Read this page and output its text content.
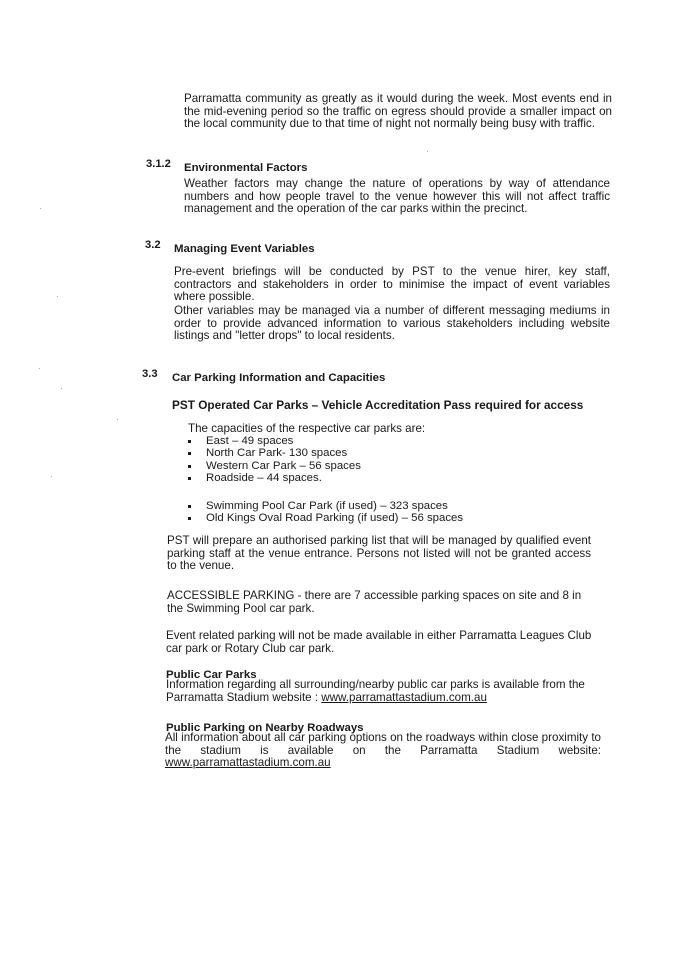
Parramatta community as greatly as it would during the week. Most events end in the mid-evening period so the traffic on egress should provide a smaller impact on the local community due to that time of night not normally being busy with traffic.

3.1.2 Environmental Factors

Weather factors may change the nature of operations by way of attendance numbers and how people travel to the venue however this will not affect traffic management and the operation of the car parks within the precinct.

3.2 Managing Event Variables

Pre-event briefings will be conducted by PST to the venue hirer, key staff, contractors and stakeholders in order to minimise the impact of event variables where possible.

Other variables may be managed via a number of different messaging mediums in order to provide advanced information to various stakeholders including website listings and "letter drops" to local residents.

3.3 Car Parking Information and Capacities
PST Operated Car Parks – Vehicle Accreditation Pass required for access

The capacities of the respective car parks are:

East – 49 spaces
North Car Park- 130 spaces
Western Car Park – 56 spaces
Roadside – 44 spaces.
Swimming Pool Car Park (if used) – 323 spaces
Old Kings Oval Road Parking (if used) – 56 spaces

PST will prepare an authorised parking list that will be managed by qualified event parking staff at the venue entrance. Persons not listed will not be granted access to the venue.

ACCESSIBLE PARKING - there are 7 accessible parking spaces on site and 8 in the Swimming Pool car park.

Event related parking will not be made available in either Parramatta Leagues Club car park or Rotary Club car park.

Public Car Parks

Information regarding all surrounding/nearby public car parks is available from the Parramatta Stadium website : www.parramattastadium.com.au

Public Parking on Nearby Roadways

All information about all car parking options on the roadways within close proximity to

the stadium is available on the Parramatta Stadium website:

www.parramattastadium.com.au
